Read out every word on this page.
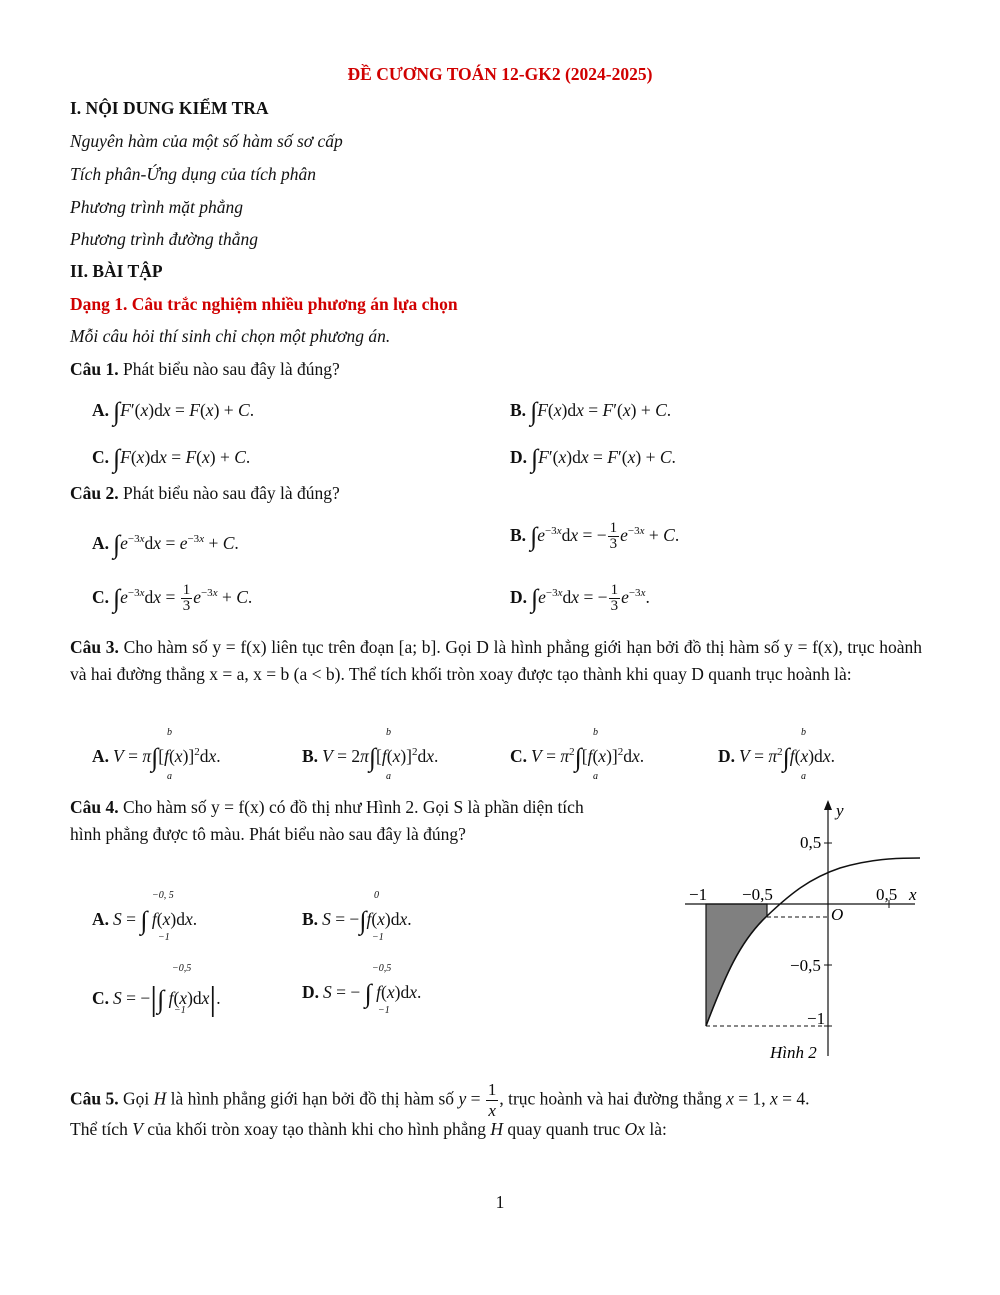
ĐỀ CƯƠNG TOÁN 12-GK2 (2024-2025)
I. NỘI DUNG KIỂM TRA
Nguyên hàm của một số hàm số sơ cấp
Tích phân-Ứng dụng của tích phân
Phương trình mặt phẳng
Phương trình đường thẳng
II. BÀI TẬP
Dạng 1. Câu trắc nghiệm nhiều phương án lựa chọn
Mỗi câu hỏi thí sinh chỉ chọn một phương án.
Câu 1. Phát biểu nào sau đây là đúng?
A. ∫F′(x)dx = F(x) + C.	B. ∫F(x)dx = F′(x) + C.
C. ∫F(x)dx = F(x) + C.	D. ∫F′(x)dx = F′(x) + C.
Câu 2. Phát biểu nào sau đây là đúng?
A. $\int e^{-3x}dx = e^{-3x} + C$.	B. $\int e^{-3x}dx$ = − $\frac{1}{3} e^{-3x} + C$.
C. $\int e^{-3x}dx = \frac{1}{3} e^{-3x} + C$.	D. $\int e^{-3x}dx$ = − $\frac{1}{3} e^{-3x}$.
Câu 3. Cho hàm số y = f(x) liên tục trên đoạn [a; b]. Gọi D là hình phẳng giới hạn bởi đồ thị hàm số y = f(x), trục hoành và hai đường thẳng x = a, x = b (a < b). Thể tích khối tròn xoay được tạo thành khi quay D quanh trục hoành là:
A. $V = \pi\int[f(x)]^2dx$.
b
a
B. $V = 2\pi\int[f(x)]^2dx$.
b
a
C. $V = \pi^2\int[f(x)]^2dx$.
b
a
D. $V = \pi^2\int f(x)dx$.
b
a
Câu 4. Cho hàm số y = f(x) có đồ thị như Hình 2. Gọi S là phần diện tích
hình phẳng được tô màu. Phát biểu nào sau đây là đúng?
A. S = ∫ f(x)dx.
−0, 5
−1
B. S = −∫f(x)dx.
0
−1
C. S = −|∫ f(x)dx|.
−0,5
−1
D. S = − ∫ f(x)dx.
−0,5
−1
y
x
O
0,5
−1 −0,5	0,5
−0,5
−1
Hình 2
Câu 5. Gọi H là hình phẳng giới hạn bởi đồ thị hàm số $y = \frac{1}{x}$ , trục hoành và hai đường thẳng x = 1, x = 4.
Thể tích V của khối tròn xoay tạo thành khi cho hình phẳng H quay quanh truc Ox là:
1
